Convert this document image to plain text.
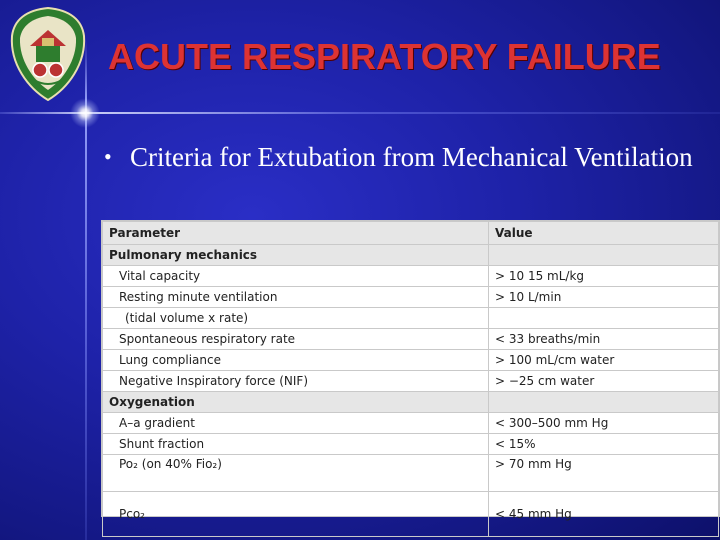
ACUTE RESPIRATORY FAILURE
• Criteria for Extubation from Mechanical Ventilation
Parameter	Value
Pulmonary mechanics	
Vital capacity	> 10 15 mL/kg
Resting minute ventilation	> 10 L/min
(tidal volume x rate)	
Spontaneous respiratory rate	< 33 breaths/min
Lung compliance	> 100 mL/cm water
Negative Inspiratory force (NIF)	> −25 cm water
Oxygenation	
A–a gradient	< 300–500 mm Hg
Shunt fraction	< 15%
Po₂ (on 40% Fio₂)	> 70 mm Hg
Pco₂	< 45 mm Hg
